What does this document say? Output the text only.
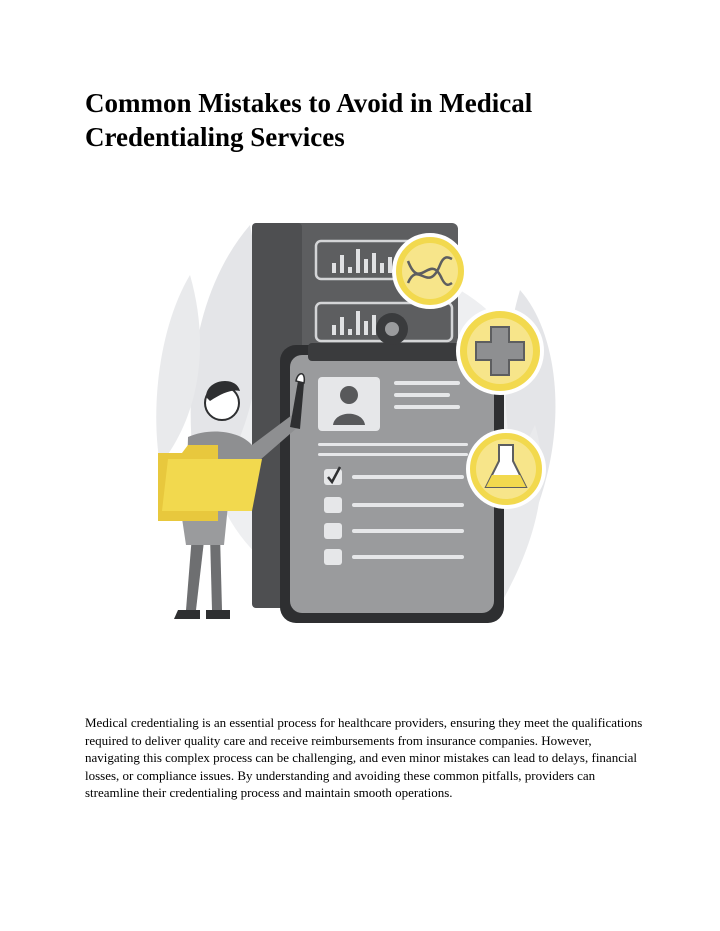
Common Mistakes to Avoid in Medical Credentialing Services

Medical credentialing is an essential process for healthcare providers, ensuring they meet the qualifications required to deliver quality care and receive reimbursements from insurance companies. However, navigating this complex process can be challenging, and even minor mistakes can lead to delays, financial losses, or compliance issues. By understanding and avoiding these common pitfalls, providers can streamline their credentialing process and maintain smooth operations.
